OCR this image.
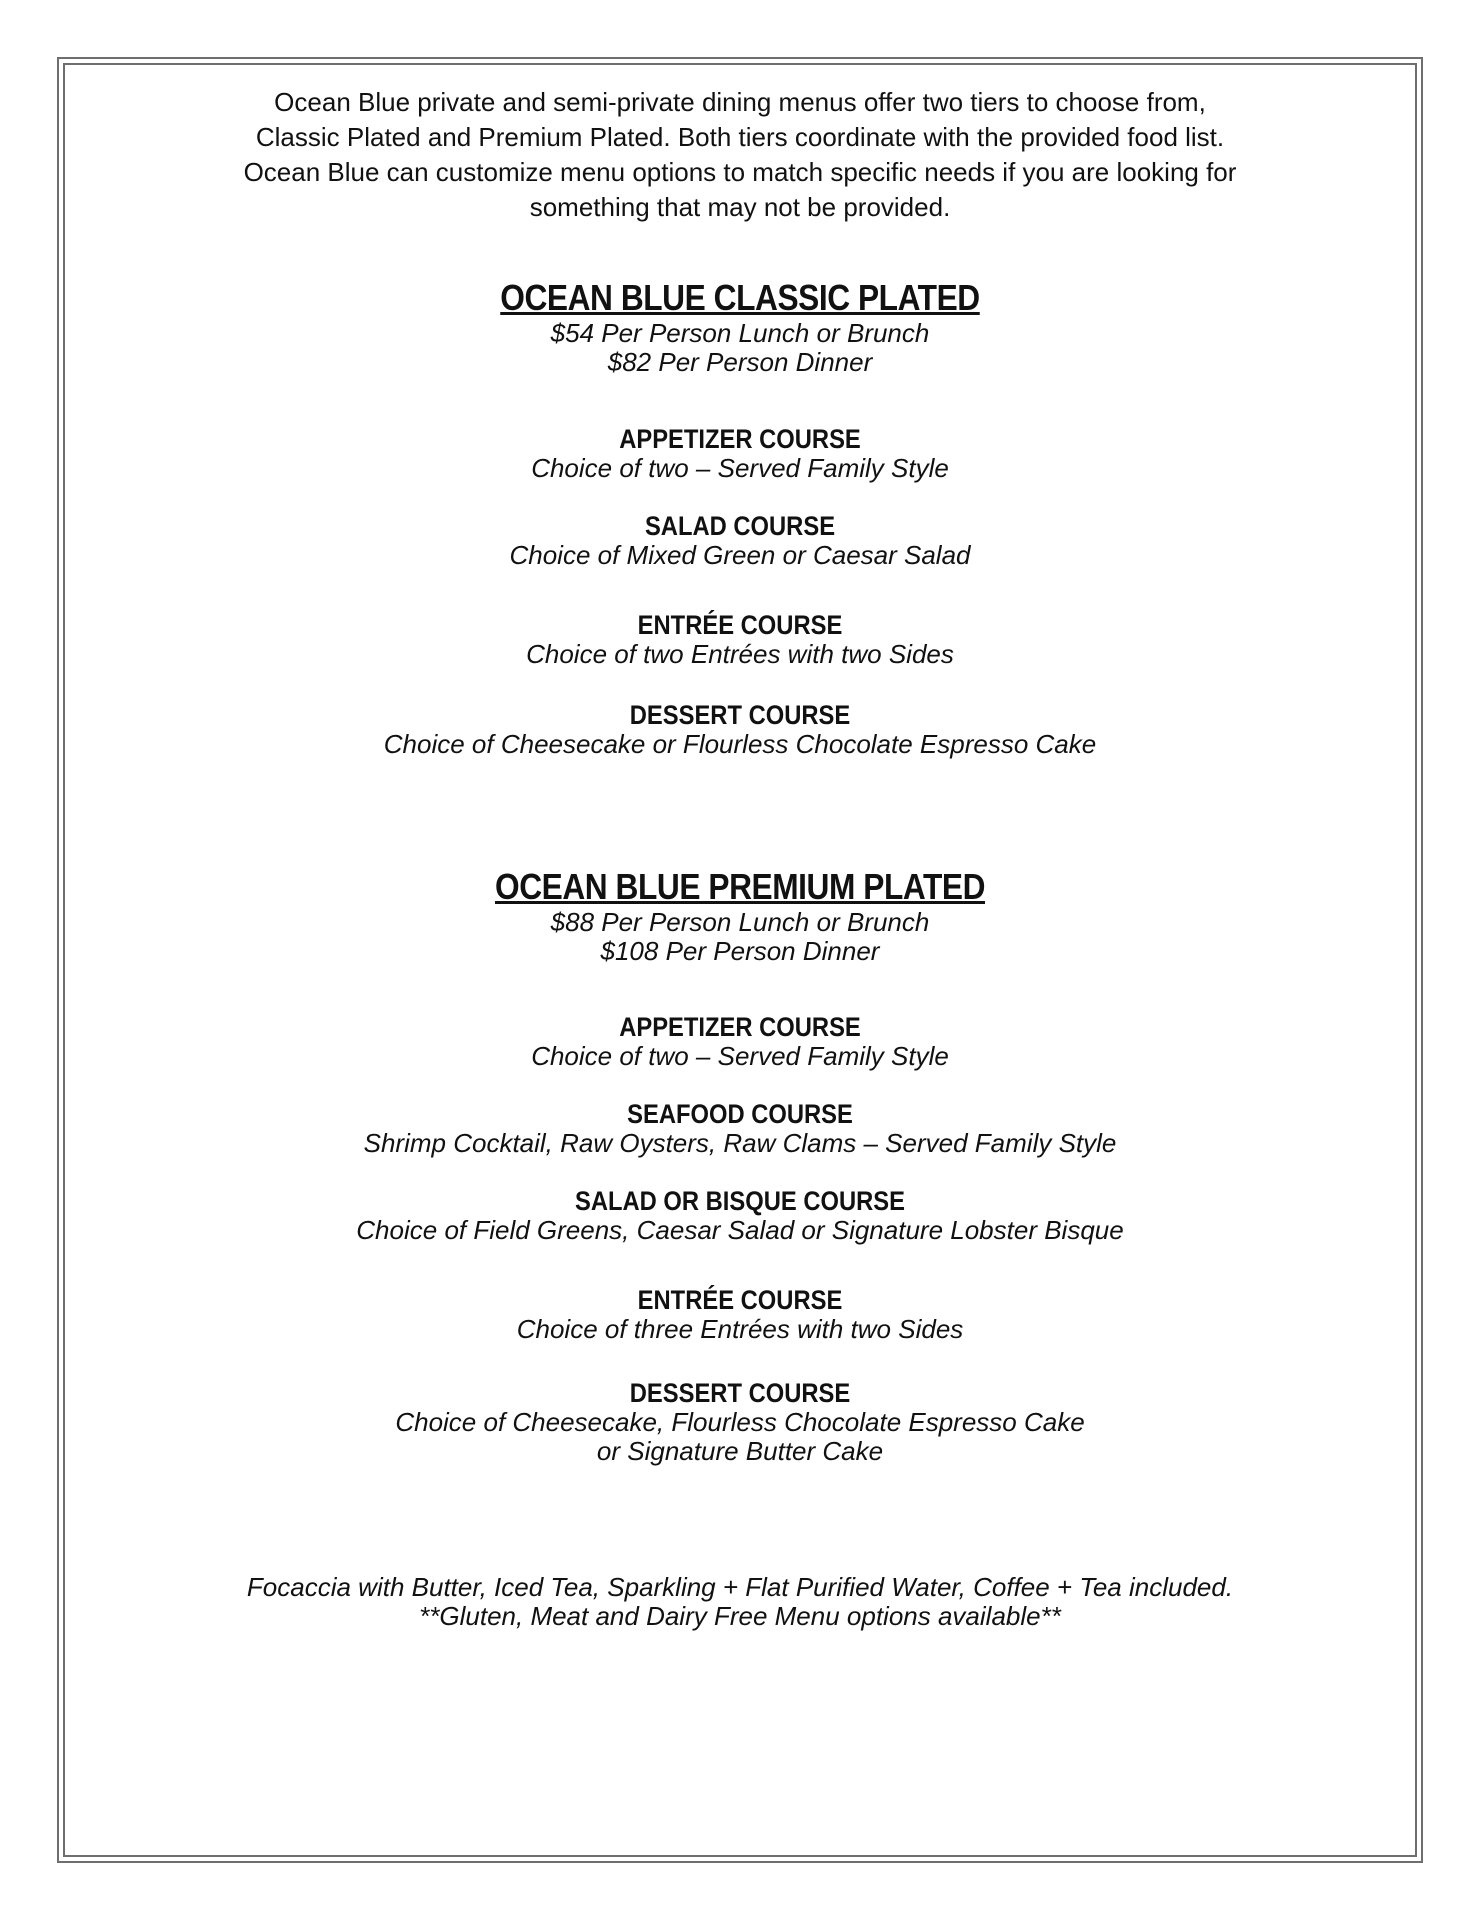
Ocean Blue private and semi-private dining menus offer two tiers to choose from,

Classic Plated and Premium Plated. Both tiers coordinate with the provided food list.

Ocean Blue can customize menu options to match specific needs if you are looking for

something that may not be provided.

OCEAN BLUE CLASSIC PLATED

$54 Per Person Lunch or Brunch

$82 Per Person Dinner

APPETIZER COURSE

Choice of two – Served Family Style

SALAD COURSE

Choice of Mixed Green or Caesar Salad

ENTRÉE COURSE

Choice of two Entrées with two Sides

DESSERT COURSE

Choice of Cheesecake or Flourless Chocolate Espresso Cake

OCEAN BLUE PREMIUM PLATED

$88 Per Person Lunch or Brunch

$108 Per Person Dinner

APPETIZER COURSE

Choice of two – Served Family Style

SEAFOOD COURSE

Shrimp Cocktail, Raw Oysters, Raw Clams – Served Family Style

SALAD OR BISQUE COURSE

Choice of Field Greens, Caesar Salad or Signature Lobster Bisque

ENTRÉE COURSE

Choice of three Entrées with two Sides

DESSERT COURSE

Choice of Cheesecake, Flourless Chocolate Espresso Cake

or Signature Butter Cake

Focaccia with Butter, Iced Tea, Sparkling + Flat Purified Water, Coffee + Tea included.

**Gluten, Meat and Dairy Free Menu options available**
